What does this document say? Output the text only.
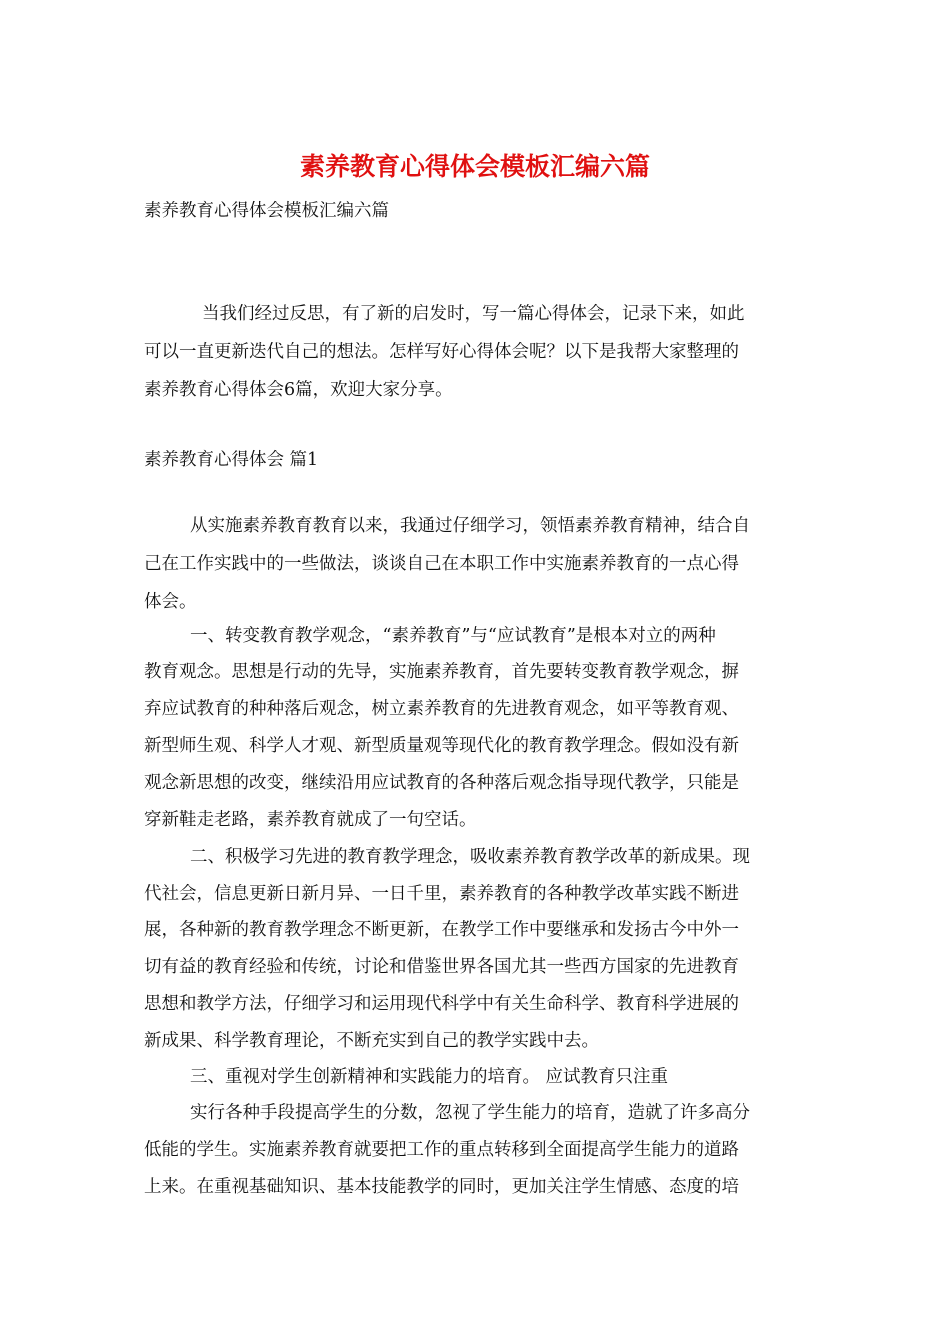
素养教育心得体会模板汇编六篇
素养教育心得体会模板汇编六篇
当我们经过反思，有了新的启发时，写一篇心得体会，记录下来，如此
可以一直更新迭代自己的想法。怎样写好心得体会呢？以下是我帮大家整理的
素养教育心得体会6篇，欢迎大家分享。
素养教育心得体会 篇1
从实施素养教育教育以来，我通过仔细学习，领悟素养教育精神，结合自
己在工作实践中的一些做法，谈谈自己在本职工作中实施素养教育的一点心得
体会。
一、转变教育教学观念，“素养教育”与“应试教育”是根本对立的两种
教育观念。思想是行动的先导，实施素养教育，首先要转变教育教学观念，摒
弃应试教育的种种落后观念，树立素养教育的先进教育观念，如平等教育观、
新型师生观、科学人才观、新型质量观等现代化的教育教学理念。假如没有新
观念新思想的改变，继续沿用应试教育的各种落后观念指导现代教学，只能是
穿新鞋走老路，素养教育就成了一句空话。
二、积极学习先进的教育教学理念，吸收素养教育教学改革的新成果。现
代社会，信息更新日新月异、一日千里，素养教育的各种教学改革实践不断进
展，各种新的教育教学理念不断更新，在教学工作中要继承和发扬古今中外一
切有益的教育经验和传统，讨论和借鉴世界各国尤其一些西方国家的先进教育
思想和教学方法，仔细学习和运用现代科学中有关生命科学、教育科学进展的
新成果、科学教育理论，不断充实到自己的教学实践中去。
三、重视对学生创新精神和实践能力的培育。 应试教育只注重
实行各种手段提高学生的分数，忽视了学生能力的培育，造就了许多高分
低能的学生。实施素养教育就要把工作的重点转移到全面提高学生能力的道路
上来。在重视基础知识、基本技能教学的同时，更加关注学生情感、态度的培
